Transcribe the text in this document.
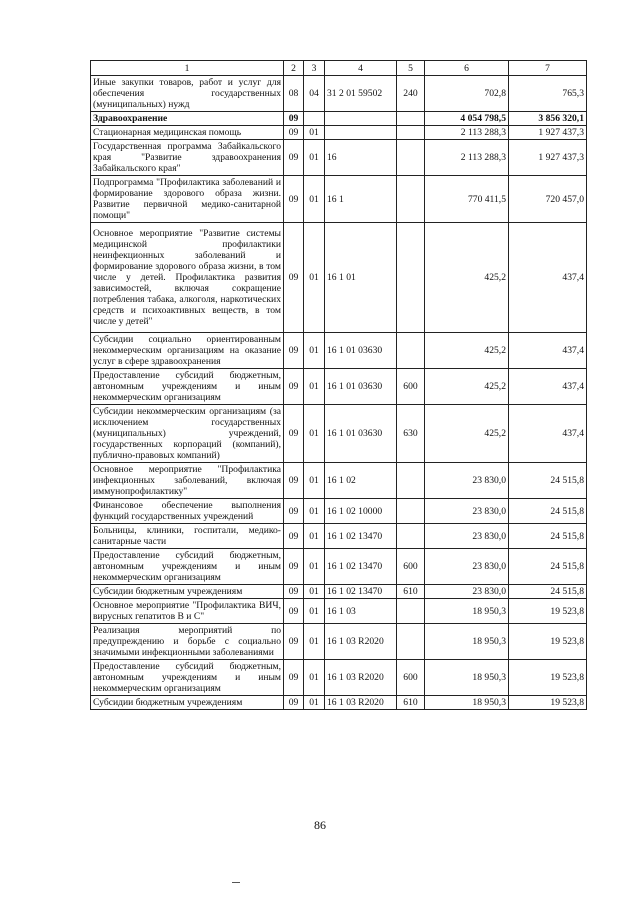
1	2	3	4	5	6	7
Иные закупки товаров, работ и услуг для обеспечения государственных (муниципальных) нужд	08	04	31 2 01 59502	240	702,8	765,3
Здравоохранение	09				4 054 798,5	3 856 320,1
Стационарная медицинская помощь	09	01			2 113 288,3	1 927 437,3
Государственная программа Забайкальского края "Развитие здравоохранения Забайкальского края"	09	01	16		2 113 288,3	1 927 437,3
Подпрограмма "Профилактика заболеваний и формирование здорового образа жизни. Развитие первичной медико-санитарной помощи"	09	01	16 1		770 411,5	720 457,0
Основное мероприятие "Развитие системы медицинской профилактики неинфекционных заболеваний и формирование здорового образа жизни, в том числе у детей. Профилактика развития зависимостей, включая сокращение потребления табака, алкоголя, наркотических средств и психоактивных веществ, в том числе у детей"	09	01	16 1 01		425,2	437,4
Субсидии социально ориентированным некоммерческим организациям на оказание услуг в сфере здравоохранения	09	01	16 1 01 03630		425,2	437,4
Предоставление субсидий бюджетным, автономным учреждениям и иным некоммерческим организациям	09	01	16 1 01 03630	600	425,2	437,4
Субсидии некоммерческим организациям (за исключением государственных (муниципальных) учреждений, государственных корпораций (компаний), публично-правовых компаний)	09	01	16 1 01 03630	630	425,2	437,4
Основное мероприятие "Профилактика инфекционных заболеваний, включая иммунопрофилактику"	09	01	16 1 02		23 830,0	24 515,8
Финансовое обеспечение выполнения функций государственных учреждений	09	01	16 1 02 10000		23 830,0	24 515,8
Больницы, клиники, госпитали, медико-санитарные части	09	01	16 1 02 13470		23 830,0	24 515,8
Предоставление субсидий бюджетным, автономным учреждениям и иным некоммерческим организациям	09	01	16 1 02 13470	600	23 830,0	24 515,8
Субсидии бюджетным учреждениям	09	01	16 1 02 13470	610	23 830,0	24 515,8
Основное мероприятие "Профилактика ВИЧ, вирусных гепатитов В и С"	09	01	16 1 03		18 950,3	19 523,8
Реализация мероприятий по предупреждению и борьбе с социально значимыми инфекционными заболеваниями	09	01	16 1 03 R2020		18 950,3	19 523,8
Предоставление субсидий бюджетным, автономным учреждениям и иным некоммерческим организациям	09	01	16 1 03 R2020	600	18 950,3	19 523,8
Субсидии бюджетным учреждениям	09	01	16 1 03 R2020	610	18 950,3	19 523,8
86
